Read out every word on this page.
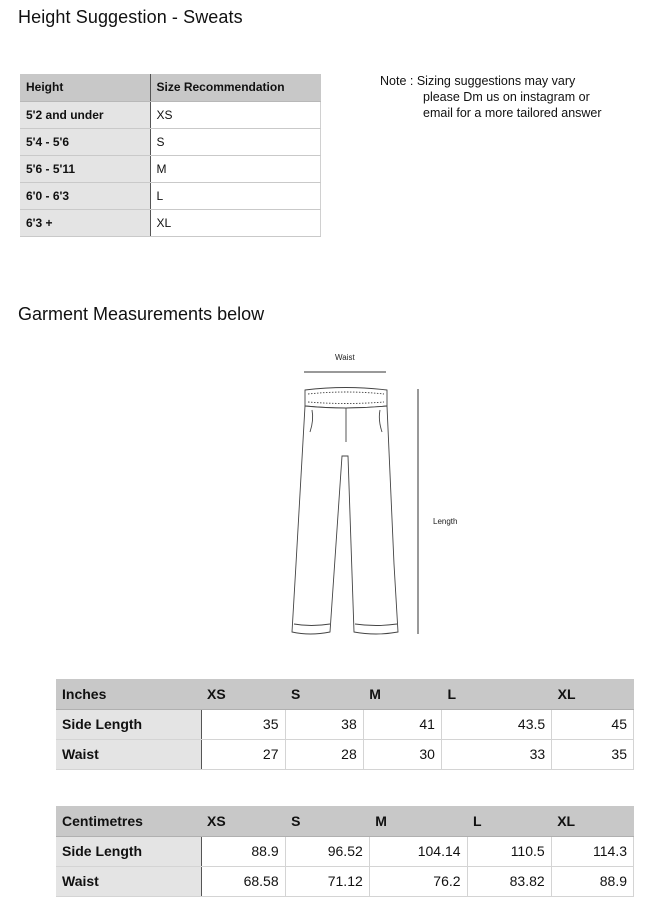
Height Suggestion - Sweats
Height	Size Recommendation
5'2 and under	XS
5'4 - 5'6	S
5'6 - 5'11	M
6'0 - 6'3	L
6'3 +	XL
Note : Sizing suggestions may vary
please Dm us on instagram or
email for a more tailored answer
Garment Measurements below
Waist
Length
Inches	XS	S	M	L	XL
Side Length	35	38	41	43.5	45
Waist	27	28	30	33	35
Centimetres	XS	S	M	L	XL
Side Length	88.9	96.52	104.14	110.5	114.3
Waist	68.58	71.12	76.2	83.82	88.9
